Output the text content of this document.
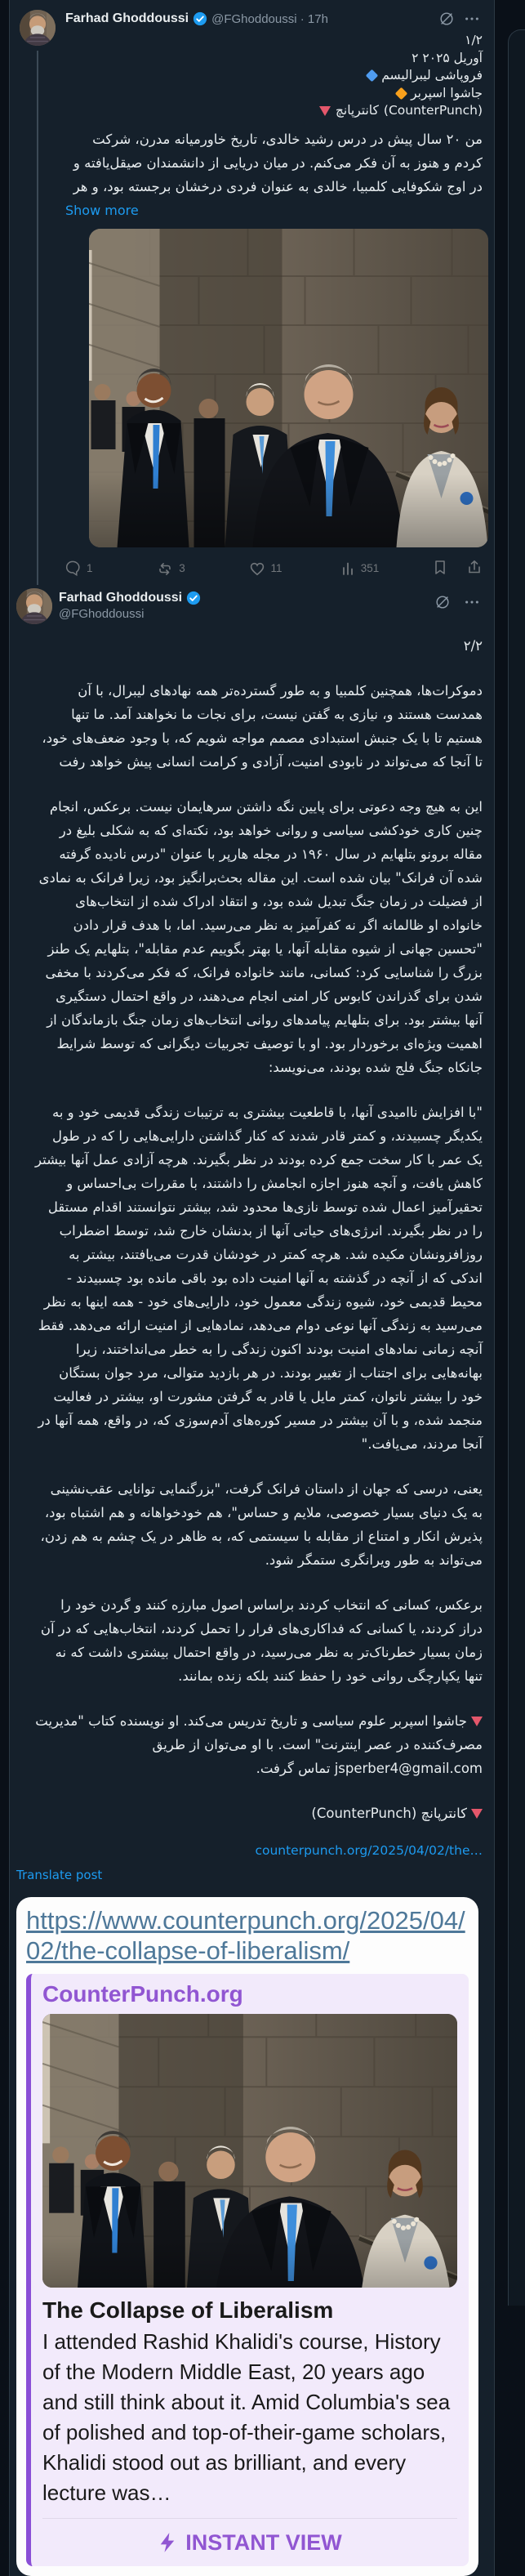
Farhad Ghoddoussi @FGhoddoussi · 17h
۱/۲
۲ آوریل ۲۰۲۵
فروپاشی لیبرالیسم
جاشوا اسپربر
کانترپانچ (CounterPunch)

من ۲۰ سال پیش در درس رشید خالدی، تاریخ خاورمیانه مدرن، شرکت کردم و هنوز به آن فکر می‌کنم. در میان دریایی از دانشمندان صیقل‌یافته و در اوج شکوفایی کلمبیا، خالدی به عنوان فردی درخشان برجسته بود، و هر

Show more
1	3	11	351
Farhad Ghoddoussi
@FGhoddoussi

۲/۲

دموکرات‌ها، همچنین کلمبیا و به طور گسترده‌تر همه نهادهای لیبرال، با آن همدست هستند و، نیازی به گفتن نیست، برای نجات ما نخواهند آمد. ما تنها هستیم تا با یک جنبش استبدادی مصمم مواجه شویم که، با وجود ضعف‌های خود، تا آنجا که می‌تواند در نابودی امنیت، آزادی و کرامت انسانی پیش خواهد رفت

این به هیچ وجه دعوتی برای پایین نگه داشتن سرهایمان نیست. برعکس، انجام چنین کاری خودکشی سیاسی و روانی خواهد بود، نکته‌ای که به شکلی بلیغ در مقاله برونو بتلهایم در سال ۱۹۶۰ در مجله هارپر با عنوان "درس نادیده گرفته شده آن فرانک" بیان شده است. این مقاله بحث‌برانگیز بود، زیرا فرانک به نمادی از فضیلت در زمان جنگ تبدیل شده بود، و انتقاد ادراک شده از انتخاب‌های خانواده او ظالمانه اگر نه کفرآمیز به نظر می‌رسید. اما، با هدف قرار دادن "تحسین جهانی از شیوه مقابله آنها، یا بهتر بگوییم عدم مقابله"، بتلهایم یک طنز بزرگ را شناسایی کرد: کسانی، مانند خانواده فرانک، که فکر می‌کردند با مخفی شدن برای گذراندن کابوس کار امنی انجام می‌دهند، در واقع احتمال دستگیری آنها بیشتر بود. برای بتلهایم پیامدهای روانی انتخاب‌های زمان جنگ بازماندگان از اهمیت ویژه‌ای برخوردار بود. او با توصیف تجربیات دیگرانی که توسط شرایط جانکاه جنگ فلج شده بودند، می‌نویسد:

"با افزایش ناامیدی آنها، با قاطعیت بیشتری به ترتیبات زندگی قدیمی خود و به یکدیگر چسبیدند، و کمتر قادر شدند که کنار گذاشتن دارایی‌هایی را که در طول یک عمر با کار سخت جمع کرده بودند در نظر بگیرند. هرچه آزادی عمل آنها بیشتر کاهش یافت، و آنچه هنوز اجازه انجامش را داشتند، با مقررات بی‌احساس و تحقیرآمیز اعمال شده توسط نازی‌ها محدود شد، بیشتر نتوانستند اقدام مستقل را در نظر بگیرند. انرژی‌های حیاتی آنها از بدنشان خارج شد، توسط اضطراب روزافزونشان مکیده شد. هرچه کمتر در خودشان قدرت می‌یافتند، بیشتر به اندکی که از آنچه در گذشته به آنها امنیت داده بود باقی مانده بود چسبیدند - محیط قدیمی خود، شیوه زندگی معمول خود، دارایی‌های خود - همه اینها به نظر می‌رسید به زندگی آنها نوعی دوام می‌دهد، نمادهایی از امنیت ارائه می‌دهد. فقط آنچه زمانی نمادهای امنیت بودند اکنون زندگی را به خطر می‌انداختند، زیرا بهانه‌هایی برای اجتناب از تغییر بودند. در هر بازدید متوالی، مرد جوان بستگان خود را بیشتر ناتوان، کمتر مایل یا قادر به گرفتن مشورت او، بیشتر در فعالیت منجمد شده، و با آن بیشتر در مسیر کوره‌های آدم‌سوزی که، در واقع، همه آنها در آنجا مردند، می‌یافت."

یعنی، درسی که جهان از داستان فرانک گرفت، "بزرگنمایی توانایی عقب‌نشینی به یک دنیای بسیار خصوصی، ملایم و حساس"، هم خودخواهانه و هم اشتباه بود، پذیرش انکار و امتناع از مقابله با سیستمی که، به ظاهر در یک چشم به هم زدن، می‌تواند به طور ویرانگری ستمگر شود.

برعکس، کسانی که انتخاب کردند براساس اصول مبارزه کنند و گردن خود را دراز کردند، یا کسانی که فداکاری‌های فرار را تحمل کردند، انتخاب‌هایی که در آن زمان بسیار خطرناک‌تر به نظر می‌رسید، در واقع احتمال بیشتری داشت که نه تنها یکپارچگی روانی خود را حفظ کنند بلکه زنده بمانند.

جاشوا اسپربر علوم سیاسی و تاریخ تدریس می‌کند. او نویسنده کتاب "مدیریت مصرف‌کننده در عصر اینترنت" است. با او می‌توان از طریق jsperber4@gmail.com تماس گرفت.

کانترپانچ (CounterPunch)

counterpunch.org/2025/04/02/the…
Translate post
https://www.counterpunch.org/2025/04/02/the-collapse-of-liberalism/
CounterPunch.org
The Collapse of Liberalism
I attended Rashid Khalidi's course, History of the Modern Middle East, 20 years ago and still think about it. Amid Columbia's sea of polished and top-of-their-game scholars, Khalidi stood out as brilliant, and every lecture was…
INSTANT VIEW
